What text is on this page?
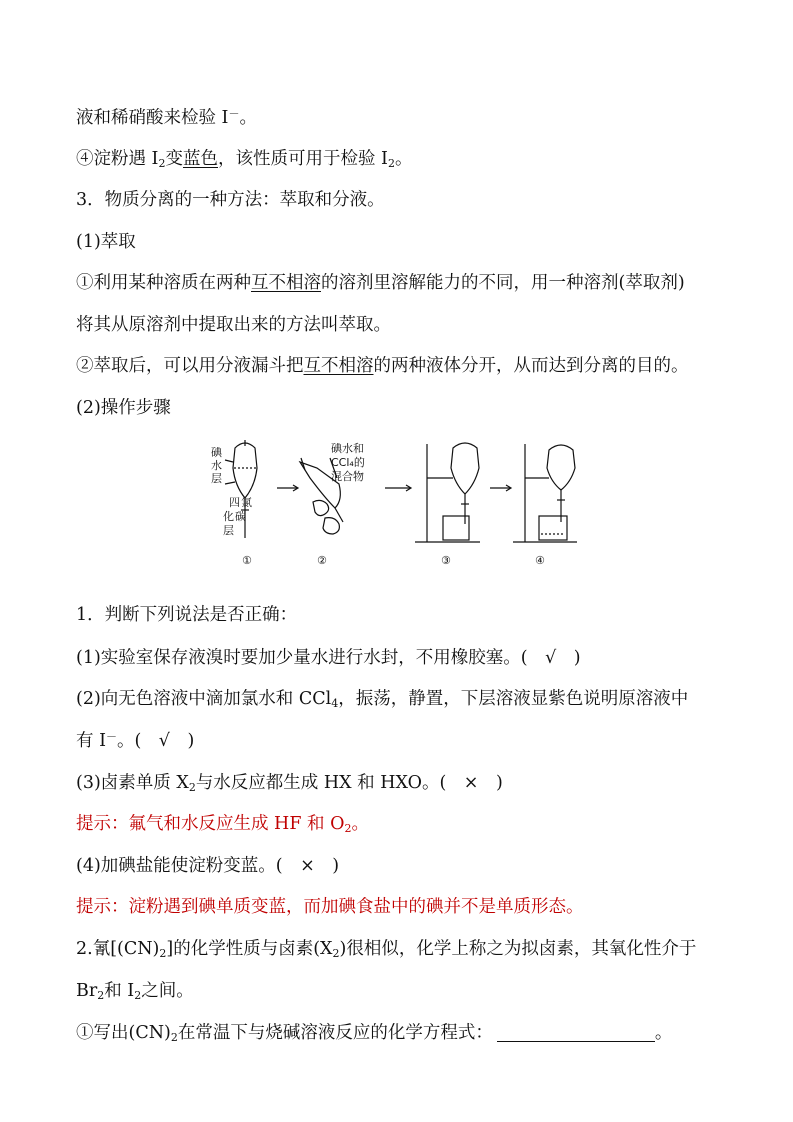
液和稀硝酸来检验 I－。
④淀粉遇 $I_2$变蓝色，该性质可用于检验 $I_2$。
3．物质分离的一种方法：萃取和分液。
(1)萃取
①利用某种溶质在两种互不相溶的溶剂里溶解能力的不同，用一种溶剂(萃取剂)
将其从原溶剂中提取出来的方法叫萃取。
②萃取后，可以用分液漏斗把互不相溶的两种液体分开，从而达到分离的目的。
(2)操作步骤
碘
水
层
四 氯
化 碳
层
碘水和
CCl₄的
混合物
①	②	③	④
1．判断下列说法是否正确：
(1)实验室保存液溴时要加少量水进行水封，不用橡胶塞。(　√　)
(2)向无色溶液中滴加氯水和 CCl$_4$，振荡，静置，下层溶液显紫色说明原溶液中
有 I－。(　√　)
(3)卤素单质 $X_2$与水反应都生成 HX 和 HXO。(　×　)
提示：氟气和水反应生成 HF 和 $O_2$。
(4)加碘盐能使淀粉变蓝。(　×　)
提示：淀粉遇到碘单质变蓝，而加碘食盐中的碘并不是单质形态。
2.氰$[(CN)_2]$的化学性质与卤素$(X_2)$很相似，化学上称之为拟卤素，其氧化性介于
$Br_2$和 $I_2$之间。
①写出$(CN)_2$在常温下与烧碱溶液反应的化学方程式：	。
